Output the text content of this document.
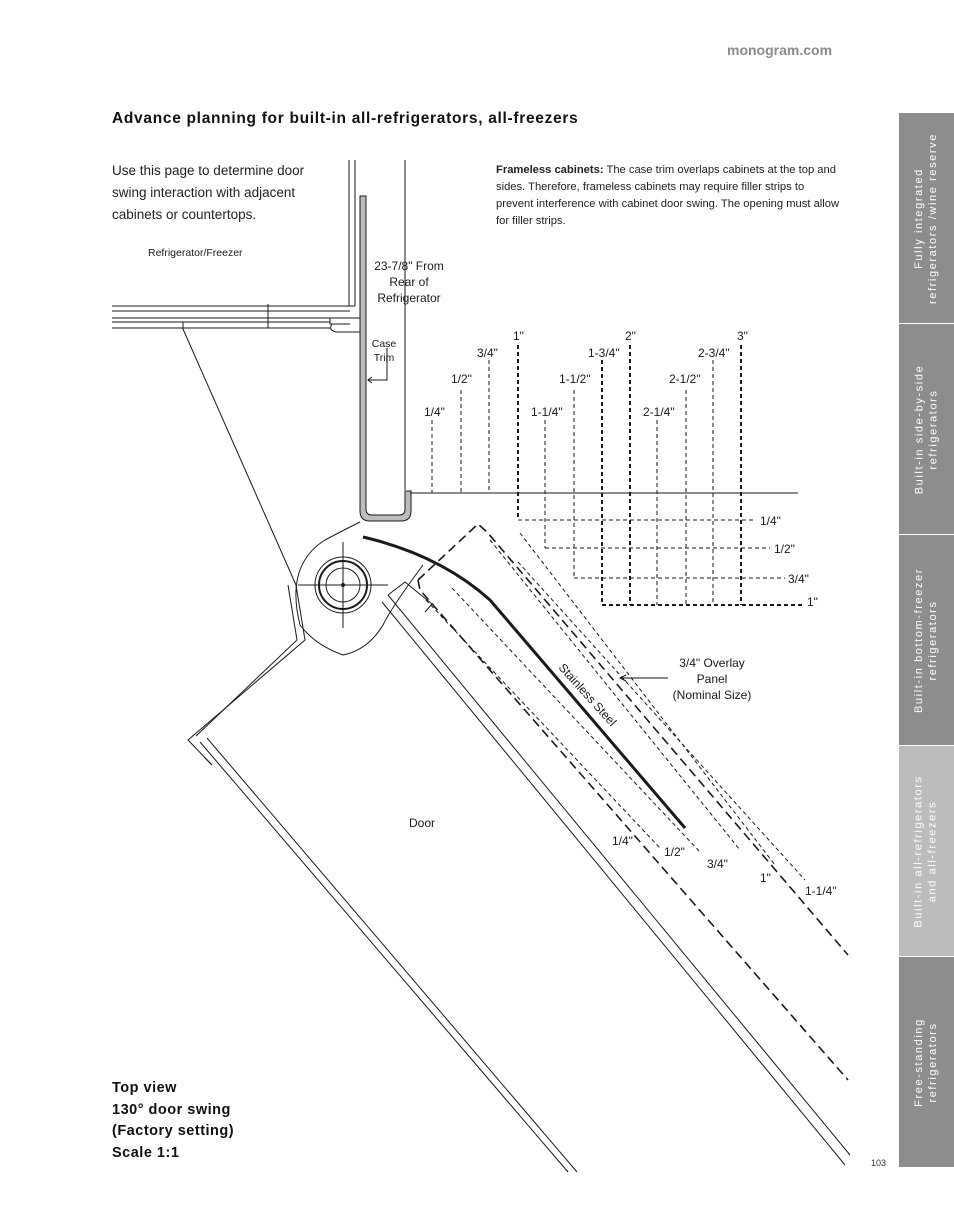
monogram.com
Advance planning for built-in all-refrigerators, all-freezers
Use this page to determine door swing interaction with adjacent cabinets or countertops.
Frameless cabinets: The case trim overlaps cabinets at the top and sides. Therefore, frameless cabinets may require filler strips to prevent interference with cabinet door swing. The opening must allow for filler strips.
Refrigerator/Freezer
23-7/8" From
Rear of
Refrigerator
Case
Trim
Door
Stainless Steel	3/4" Overlay
Panel
(Nominal Size)
1/4"
1/2"
3/4"
1"
1-1/4"
1-1/2"
1-3/4"
2"
2-1/4"
2-1/2"
2-3/4"
3"
1/4"
1/2"
3/4"
1"
1/4"
1/2"
3/4"
1"
1-1/4"
Top view
130° door swing
(Factory setting)
Scale 1:1
Fully integrated refrigerators /wine reserve
Built-in side-by-side refrigerators
Built-in bottom-freezer refrigerators
Built-in all-refrigerators and all-freezers
Free-standing refrigerators
103
